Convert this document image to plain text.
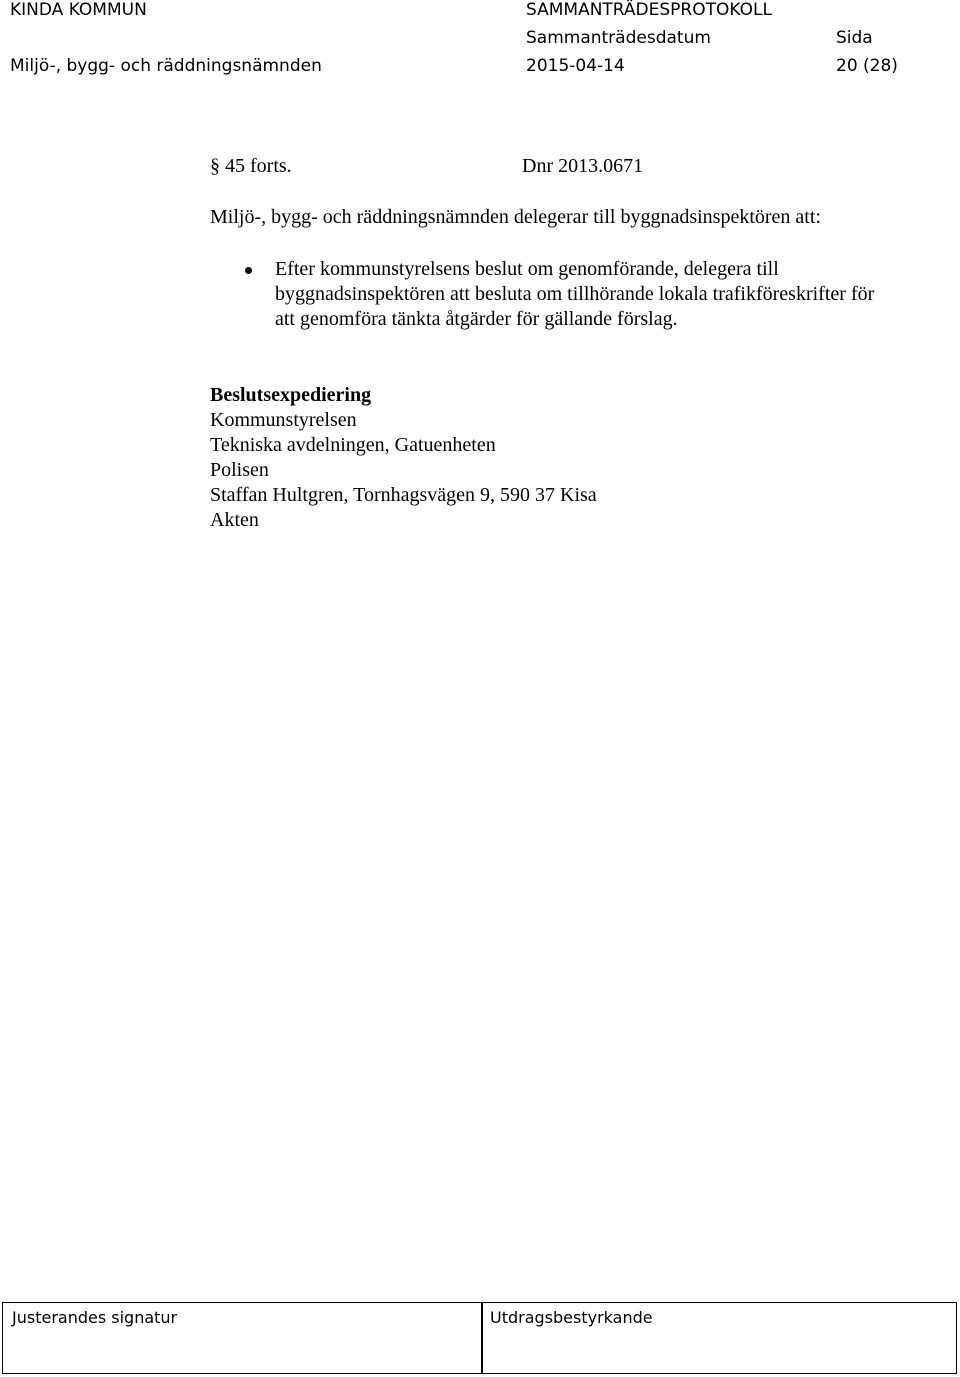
KINDA KOMMUN	SAMMANTRÄDESPROTOKOLL
Sammanträdesdatum	Sida
Miljö-, bygg- och räddningsnämnden	2015-04-14	20 (28)
§ 45 forts.	Dnr 2013.0671
Miljö-, bygg- och räddningsnämnden delegerar till byggnadsinspektören att:
Efter kommunstyrelsens beslut om genomförande, delegera till
byggnadsinspektören att besluta om tillhörande lokala trafikföreskrifter för
att genomföra tänkta åtgärder för gällande förslag.
Beslutsexpediering
Kommunstyrelsen
Tekniska avdelningen, Gatuenheten
Polisen
Staffan Hultgren, Tornhagsvägen 9, 590 37 Kisa
Akten
Justerandes signatur	Utdragsbestyrkande
